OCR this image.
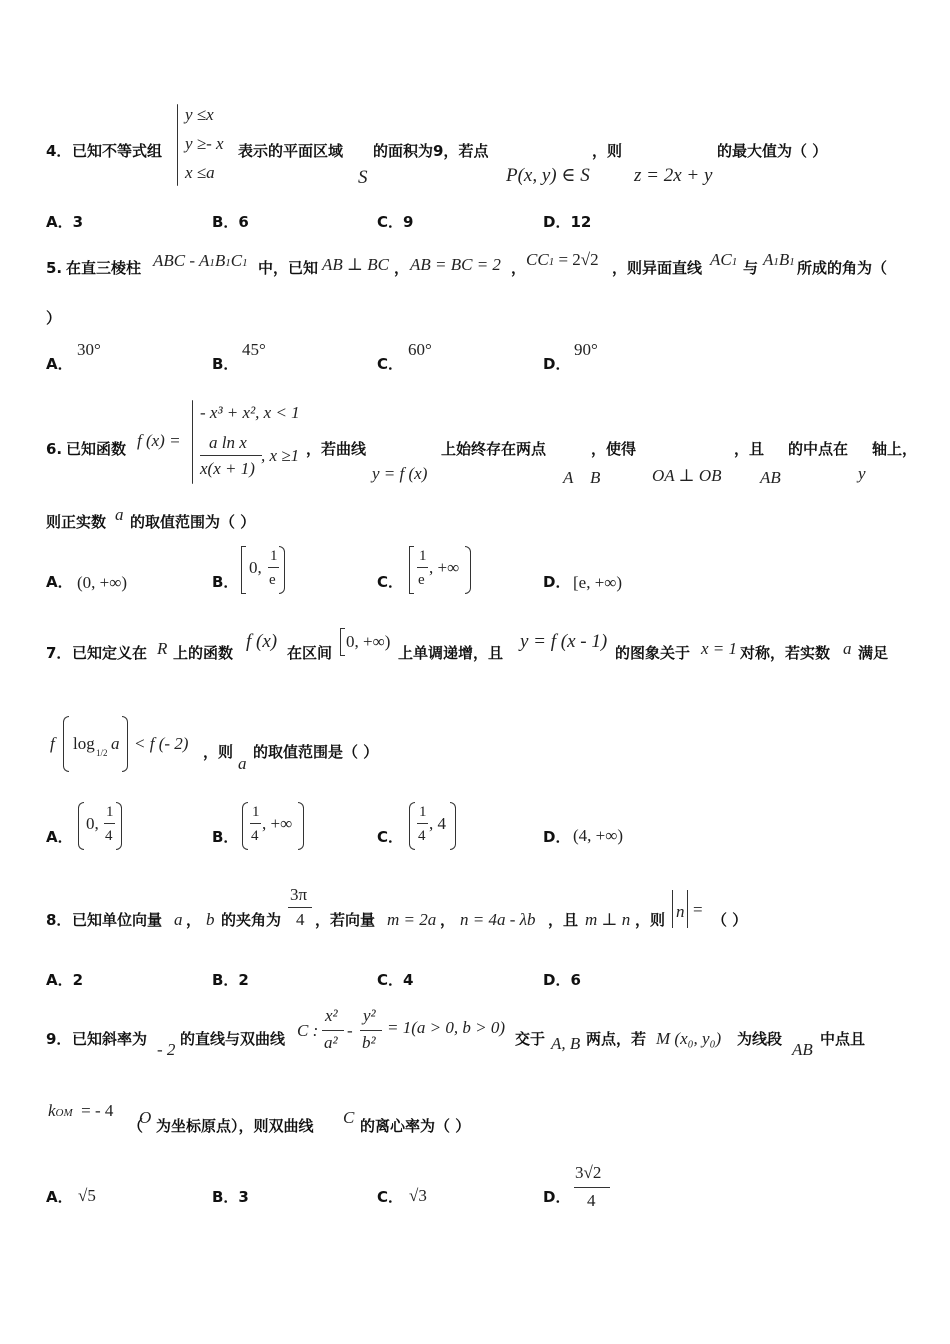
4． 已知不等式组
y ≤x
y ≥- x
x ≤a
表示的平面区域 的面积为9，若点
S
，则
P(x, y) ∈ S z = 2x + y
的最大值为（ ）
A．3	B．6	C．9	D．12
5. 在直三棱柱 ABC - A1B1C1 中，已知 AB ⊥ BC ， AB = BC = 2 ， CC1 = 2√2 ，则异面直线 AC1 与 A1B1 所成的角为（
）
A．
30°
B．
45°
C．
60°
D．
90°
6. 已知函数 f (x) =
- x³ + x², x < 1
a ln x
x(x + 1)
, x ≥1 ，若曲线	上始终存在两点	，使得	，且 的中点在 轴上，
y = f (x)	A B	OA ⊥ OB AB	y
则正实数 a 的取值范围为（ ）
A． (0, +∞)	B．
0,
1
e	C．
1
e
, +∞
D． [e, +∞)
7． 已知定义在 R 上的函数
f (x)
在区间
0, +∞)
上单调递增，且
y = f (x - 1)
的图象关于 x = 1 对称，若实数 a 满足
f log 1/2 a < f (- 2) ，则
a
的取值范围是（ ）
A．
0,
1
4	B．
1
4
, +∞
C．
1
4
, 4
D． (4, +∞)
8． 已知单位向量 a ， b 的夹角为
3π
4 ，若向量 m = 2a ， n = 4a - λb ，且 m ⊥ n ，则 n =
（ ）
A．2	B．2	C．4	D．6
9． 已知斜率为
- 2
的直线与双曲线 C :
x²
a²
-
y²
b²
= 1(a > 0, b > 0)
交于 A, B 两点，若 M (x₀, y₀) 为线段
AB
中点且
kOM = - 4
（
O 为坐标原点），则双曲线 C 的离心率为（ ）
A． √5	B．3	C． √3	D．
3√2
4
